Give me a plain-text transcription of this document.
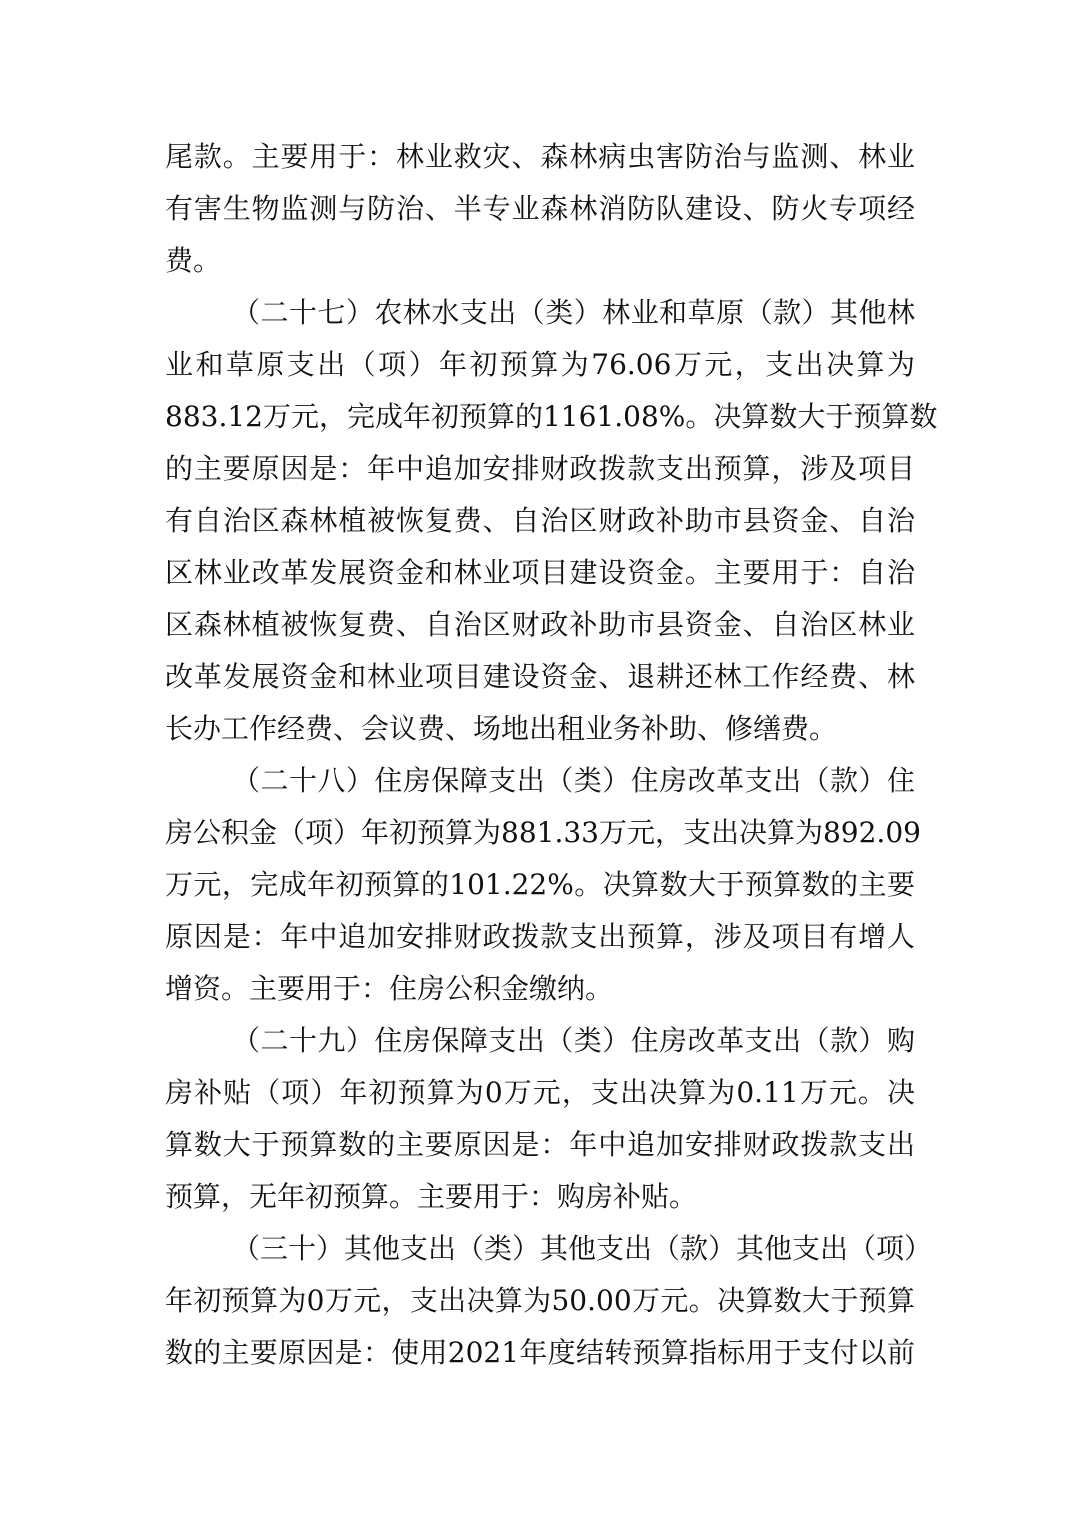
尾款。主要用于：林业救灾、森林病虫害防治与监测、林业
有害生物监测与防治、半专业森林消防队建设、防火专项经
费。
（二十七）农林水支出（类）林业和草原（款）其他林
业和草原支出（项）年初预算为76.06万元，支出决算为
883.12万元，完成年初预算的1161.08%。决算数大于预算数
的主要原因是：年中追加安排财政拨款支出预算，涉及项目
有自治区森林植被恢复费、自治区财政补助市县资金、自治
区林业改革发展资金和林业项目建设资金。主要用于：自治
区森林植被恢复费、自治区财政补助市县资金、自治区林业
改革发展资金和林业项目建设资金、退耕还林工作经费、林
长办工作经费、会议费、场地出租业务补助、修缮费。
（二十八）住房保障支出（类）住房改革支出（款）住
房公积金（项）年初预算为881.33万元，支出决算为892.09
万元，完成年初预算的101.22%。决算数大于预算数的主要
原因是：年中追加安排财政拨款支出预算，涉及项目有增人
增资。主要用于：住房公积金缴纳。
（二十九）住房保障支出（类）住房改革支出（款）购
房补贴（项）年初预算为0万元，支出决算为0.11万元。决
算数大于预算数的主要原因是：年中追加安排财政拨款支出
预算，无年初预算。主要用于：购房补贴。
（三十）其他支出（类）其他支出（款）其他支出（项）
年初预算为0万元，支出决算为50.00万元。决算数大于预算
数的主要原因是：使用2021年度结转预算指标用于支付以前
